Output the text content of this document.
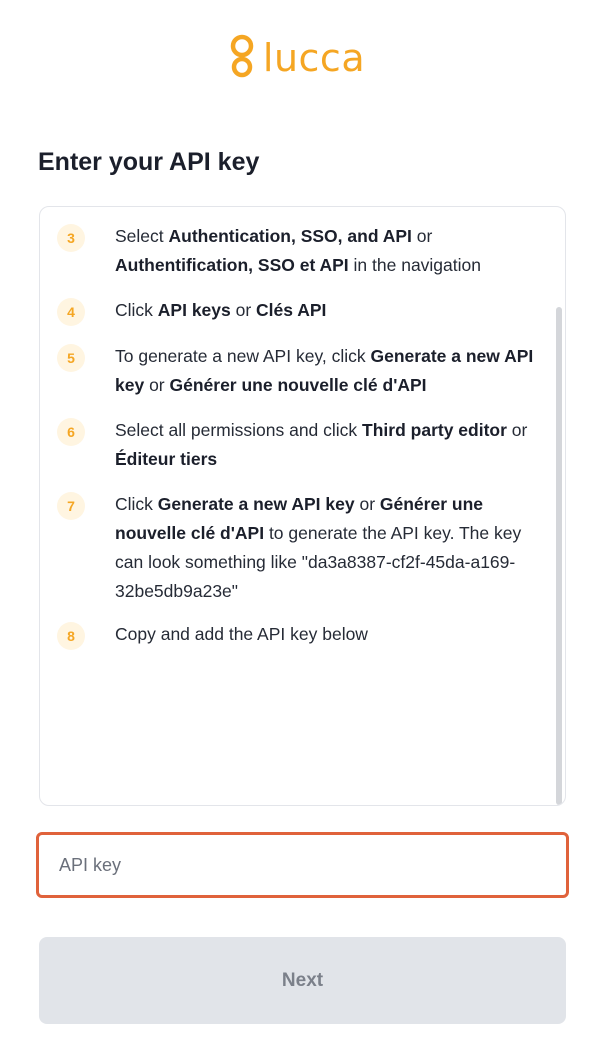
lucca
Enter your API key
3	Select Authentication, SSO, and API or Authentification, SSO et API in the navigation
4	Click API keys or Clés API
5	To generate a new API key, click Generate a new API key or Générer une nouvelle clé d'API
6	Select all permissions and click Third party editor or Éditeur tiers
7	Click Generate a new API key or Générer une nouvelle clé d'API to generate the API key. The key can look something like "da3a8387-cf2f-45da-a169-32be5db9a23e"
8	Copy and add the API key below
API key
Next
